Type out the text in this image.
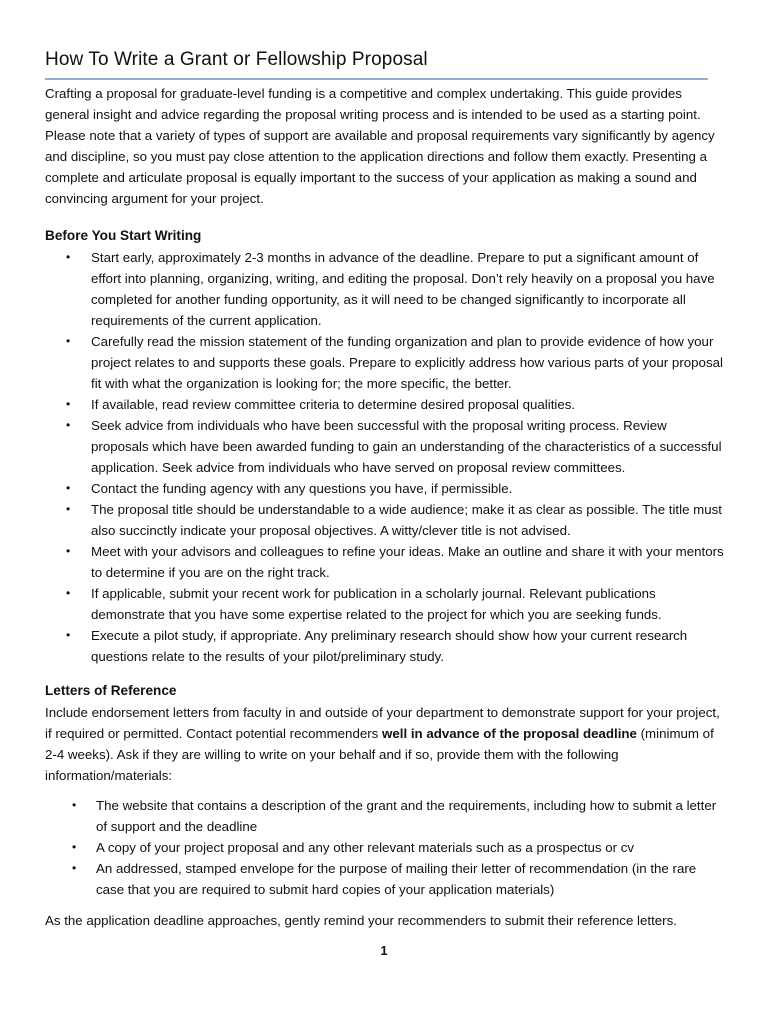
How To Write a Grant or Fellowship Proposal

Crafting a proposal for graduate-level funding is a competitive and complex undertaking. This guide provides general insight and advice regarding the proposal writing process and is intended to be used as a starting point. Please note that a variety of types of support are available and proposal requirements vary significantly by agency and discipline, so you must pay close attention to the application directions and follow them exactly. Presenting a complete and articulate proposal is equally important to the success of your application as making a sound and convincing argument for your project.

Before You Start Writing
• Start early, approximately 2-3 months in advance of the deadline. Prepare to put a significant amount of effort into planning, organizing, writing, and editing the proposal. Don’t rely heavily on a proposal you have completed for another funding opportunity, as it will need to be changed significantly to incorporate all requirements of the current application.
• Carefully read the mission statement of the funding organization and plan to provide evidence of how your project relates to and supports these goals. Prepare to explicitly address how various parts of your proposal fit with what the organization is looking for; the more specific, the better.
• If available, read review committee criteria to determine desired proposal qualities.
• Seek advice from individuals who have been successful with the proposal writing process. Review proposals which have been awarded funding to gain an understanding of the characteristics of a successful application. Seek advice from individuals who have served on proposal review committees.
• Contact the funding agency with any questions you have, if permissible.
• The proposal title should be understandable to a wide audience; make it as clear as possible. The title must also succinctly indicate your proposal objectives. A witty/clever title is not advised.
• Meet with your advisors and colleagues to refine your ideas. Make an outline and share it with your mentors to determine if you are on the right track.
• If applicable, submit your recent work for publication in a scholarly journal. Relevant publications demonstrate that you have some expertise related to the project for which you are seeking funds.
• Execute a pilot study, if appropriate. Any preliminary research should show how your current research questions relate to the results of your pilot/preliminary study.
Letters of Reference

Include endorsement letters from faculty in and outside of your department to demonstrate support for your project, if required or permitted. Contact potential recommenders well in advance of the proposal deadline (minimum of 2-4 weeks). Ask if they are willing to write on your behalf and if so, provide them with the following information/materials:

• The website that contains a description of the grant and the requirements, including how to submit a letter of support and the deadline
• A copy of your project proposal and any other relevant materials such as a prospectus or cv
• An addressed, stamped envelope for the purpose of mailing their letter of recommendation (in the rare case that you are required to submit hard copies of your application materials)

As the application deadline approaches, gently remind your recommenders to submit their reference letters.

1
